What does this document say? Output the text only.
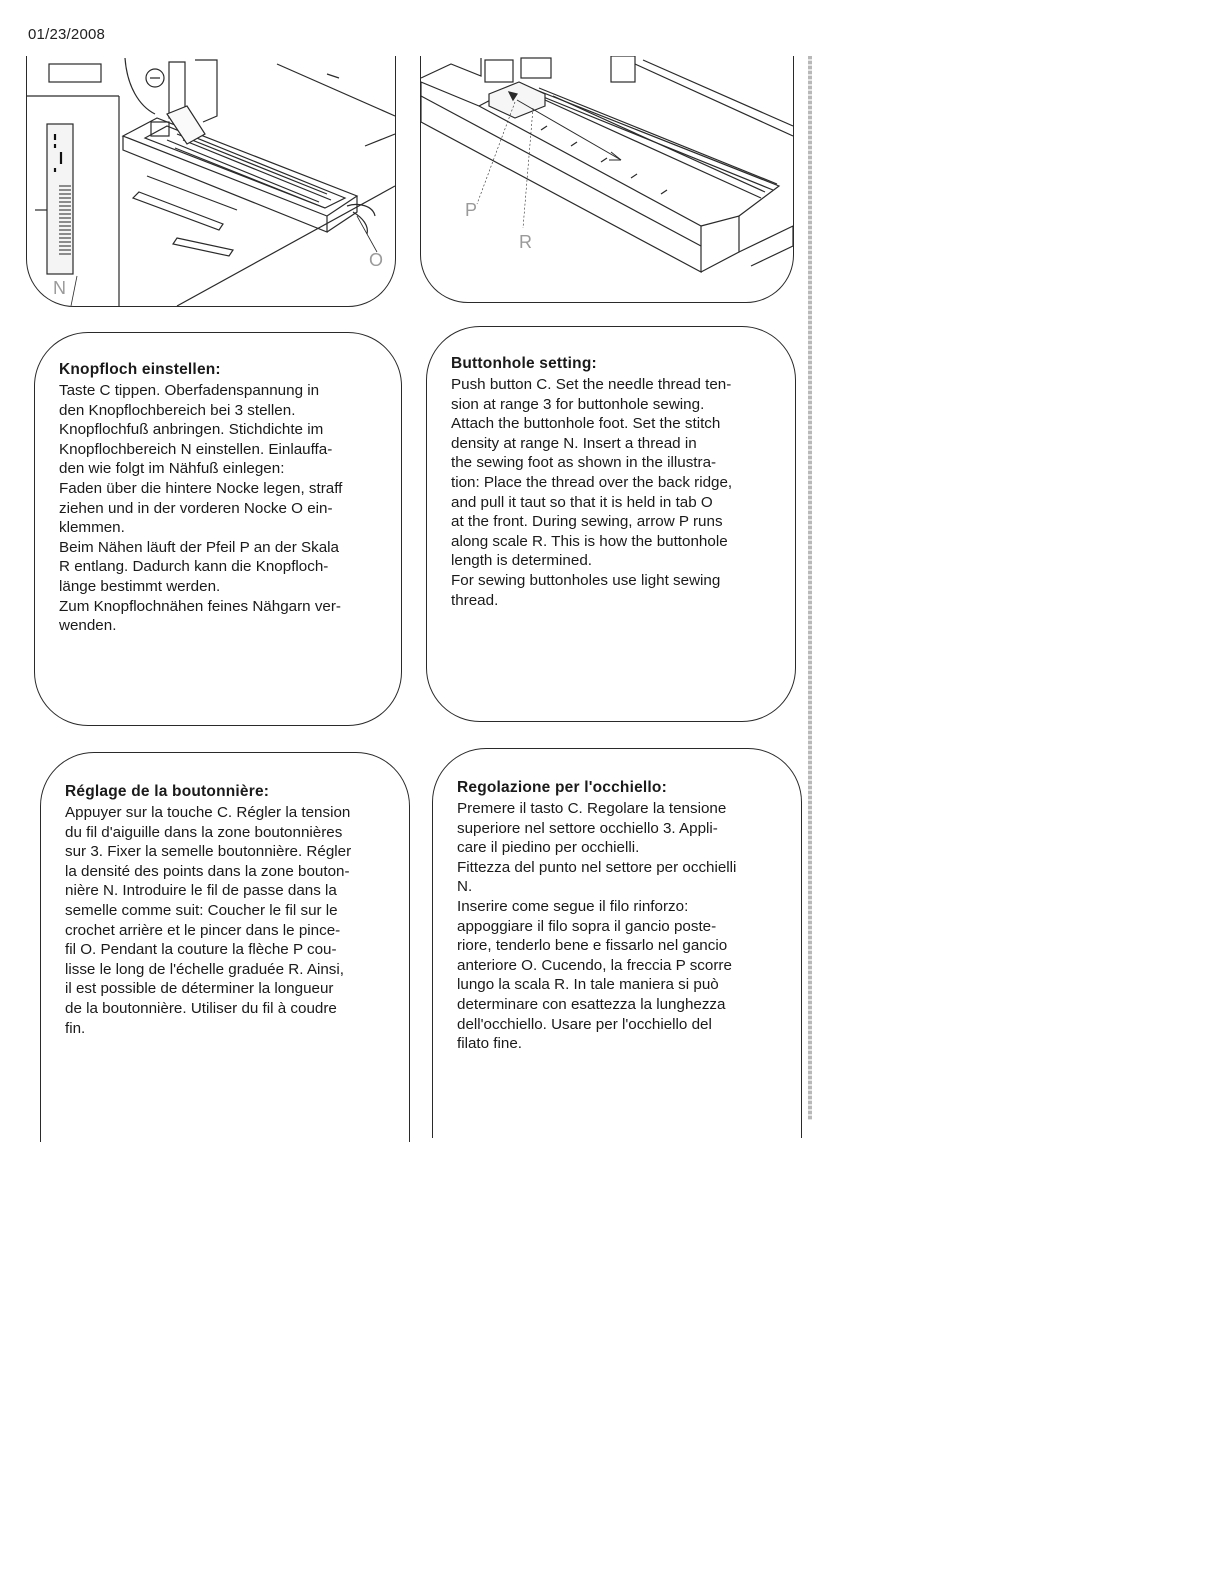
01/23/2008
N
O
P
R
Knopfloch einstellen:

Taste C tippen. Oberfadenspannung in
den Knopflochbereich bei 3 stellen.
Knopflochfuß anbringen. Stichdichte im
Knopflochbereich N einstellen. Einlauffa-
den wie folgt im Nähfuß einlegen:

Faden über die hintere Nocke legen, straff
ziehen und in der vorderen Nocke O ein-
klemmen.

Beim Nähen läuft der Pfeil P an der Skala
R entlang. Dadurch kann die Knopfloch-
länge bestimmt werden.

Zum Knopflochnähen feines Nähgarn ver-
wenden.

Buttonhole setting:

Push button C. Set the needle thread ten-
sion at range 3 for buttonhole sewing.
Attach the buttonhole foot. Set the stitch
density at range N. Insert a thread in
the sewing foot as shown in the illustra-
tion: Place the thread over the back ridge,
and pull it taut so that it is held in tab O
at the front. During sewing, arrow P runs
along scale R. This is how the buttonhole
length is determined.

For sewing buttonholes use light sewing
thread.

Réglage de la boutonnière:

Appuyer sur la touche C. Régler la tension
du fil d'aiguille dans la zone boutonnières
sur 3. Fixer la semelle boutonnière. Régler
la densité des points dans la zone bouton-
nière N. Introduire le fil de passe dans la
semelle comme suit: Coucher le fil sur le
crochet arrière et le pincer dans le pince-
fil O. Pendant la couture la flèche P cou-
lisse le long de l'échelle graduée R. Ainsi,
il est possible de déterminer la longueur
de la boutonnière. Utiliser du fil à coudre
fin.

Regolazione per l'occhiello:

Premere il tasto C. Regolare la tensione
superiore nel settore occhiello 3. Appli-
care il piedino per occhielli.

Fittezza del punto nel settore per occhielli
N.

Inserire come segue il filo rinforzo:
appoggiare il filo sopra il gancio poste-
riore, tenderlo bene e fissarlo nel gancio
anteriore O. Cucendo, la freccia P scorre
lungo la scala R. In tale maniera si può
determinare con esattezza la lunghezza
dell'occhiello. Usare per l'occhiello del
filato fine.
